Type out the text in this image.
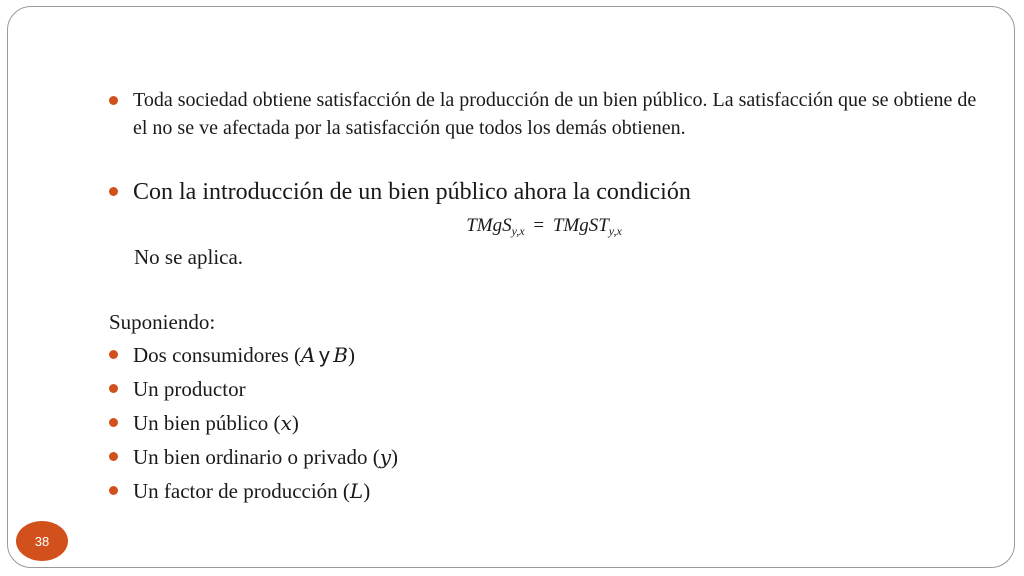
Toda sociedad obtiene satisfacción de la producción de un bien público. La satisfacción que se obtiene de el no se ve afectada por la satisfacción que todos los demás obtienen.
Con la introducción de un bien público ahora la condición
TMgS$_{y,x}$ = TMgST$_{y,x}$
No se aplica.
Suponiendo:
Dos consumidores (A y B)
Un productor
Un bien público (x)
Un bien ordinario o privado (y)
Un factor de producción (L)
38
